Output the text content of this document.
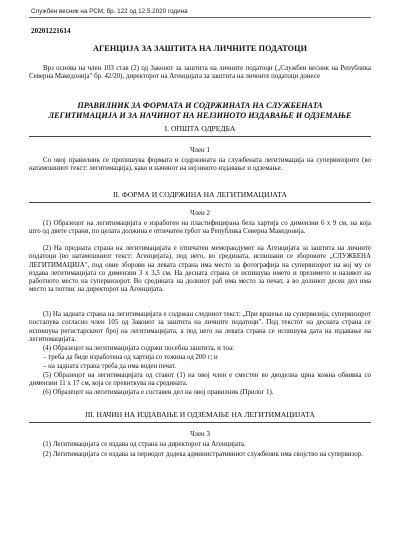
Службен весник на РСМ, бр. 122 од 12.5.2020 година
20201221614
АГЕНЦИЈА ЗА ЗАШТИТА НА ЛИЧНИТЕ ПОДАТОЦИ
Врз основа на член 103 став (2) од Законот за заштита на личните податоци („Службен весник на Република Северна Македонија" бр. 42/20), директорот на Агенцијата за заштита на личните податоци донесе
ПРАВИЛНИК ЗА ФОРМАТА И СОДРЖИНАТА НА СЛУЖБЕНАТА
ЛЕГИТИМАЦИЈА И ЗА НАЧИНОТ НА НЕЈЗИНОТО ИЗДАВАЊЕ И ОДЗЕМАЊЕ
I. ОПШТА ОДРЕДБА
Член 1
Со овој правилник се пропишува формата и содржината на службената легитимација на супервизорите (во натамошниот текст: легитимација), како и начинот на нејзиното издавање и одземање.
II. ФОРМА И СОДРЖИНА НА ЛЕГИТИМАЦИЈАТА
Член 2
(1) Образецот на легитимацијата е изработен на пластифицирана бела хартија со димензии 6 х 9 см, на која што од двете страни, по целата должина е отпечатен грбот на Република Северна Македонија.
(2) На предната страна на легитимацијата е отпечатен меморандумот на Агенцијата за заштита на личните податоци (во натамошниот текст: Агенцијата), под него, во средината, испишани се зборовите „СЛУЖБЕНА ЛЕГИТИМАЦИЈА", под овие зборови на левата страна има место за фотографија на супервизорот на кој му се издава легитимацијата со димензии 3 х 3,5 см. На десната страна се испишува името и презимето и називот на работното место на супервизорот. Во средината на долниот раб има место за печат, а во долниот десен дел има место за потпис на директорот на Агенцијата.
(3) На задната страна на легитимацијата е содржан следниот текст: „При вршење на супервизија, супервизорот постапува согласно член 105 од Законот за заштита на личните податоци". Под текстот на десната страна се испишува регистарскиот број на легитимацијата, а под него на левата страна се испишува дата на издавање на легитимацијата.
(4) Образецот на легитимацијата содржи посебна заштита, и тоа:
– треба да биде изработена од хартија со тежина од 200 г; и
– на задната страна треба да има воден печат.
(5) Образецот на легитимацијата од ставот (1) на овој член е сместен во дводелна црна кожна обвивка со димензии 11 х 17 см, која се превиткува на средината.
(6) Образецот на легитимацијата е составен дел на овој правилник (Прилог 1).
III. НАЧИН НА ИЗДАВАЊЕ И ОДЗЕМАЊЕ НА ЛЕГИТИМАЦИЈАТА
Член 3
(1) Легитимацијата се издава од страна на директорот на Агенцијата.
(2) Легитимацијата се издава за периодот додека административниот службеник има својство на супервизор.
